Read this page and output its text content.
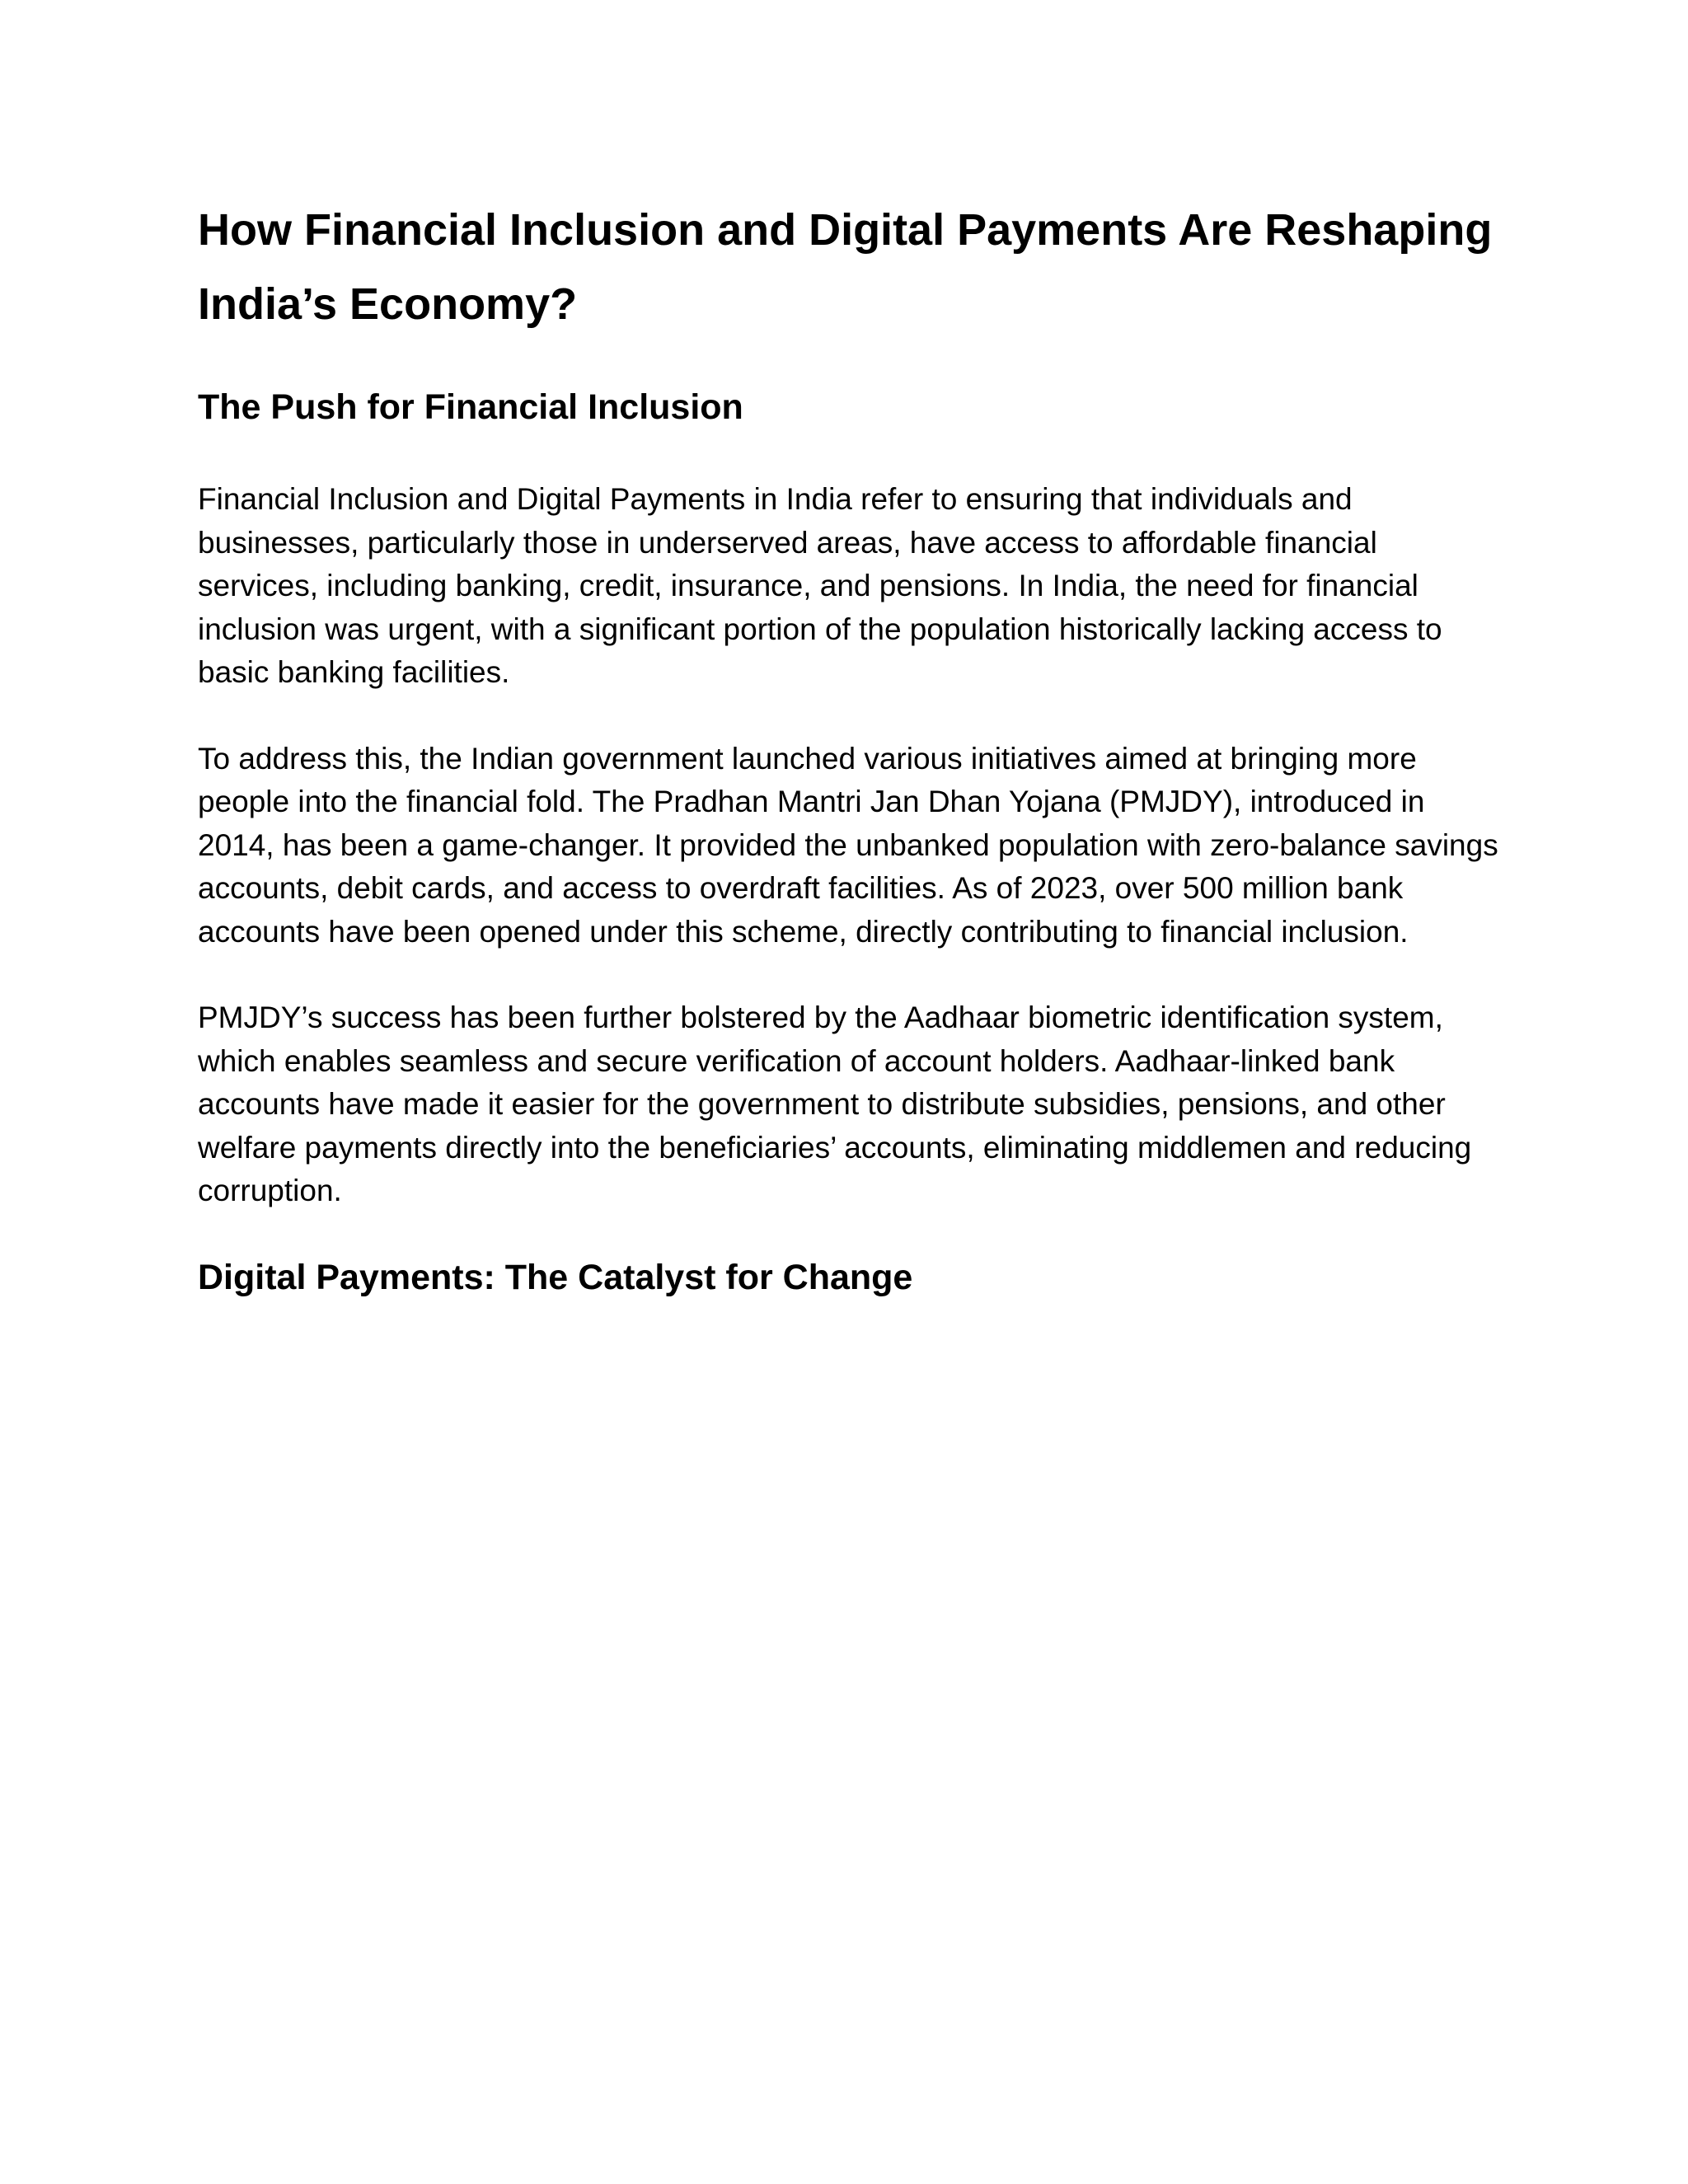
How Financial Inclusion and Digital Payments Are Reshaping India’s Economy?
The Push for Financial Inclusion

Financial Inclusion and Digital Payments in India refer to ensuring that individuals and businesses, particularly those in underserved areas, have access to affordable financial services, including banking, credit, insurance, and pensions. In India, the need for financial inclusion was urgent, with a significant portion of the population historically lacking access to basic banking facilities.

To address this, the Indian government launched various initiatives aimed at bringing more people into the financial fold. The Pradhan Mantri Jan Dhan Yojana (PMJDY), introduced in 2014, has been a game-changer. It provided the unbanked population with zero-balance savings accounts, debit cards, and access to overdraft facilities. As of 2023, over 500 million bank accounts have been opened under this scheme, directly contributing to financial inclusion.

PMJDY’s success has been further bolstered by the Aadhaar biometric identification system, which enables seamless and secure verification of account holders. Aadhaar-linked bank accounts have made it easier for the government to distribute subsidies, pensions, and other welfare payments directly into the beneficiaries’ accounts, eliminating middlemen and reducing corruption.

Digital Payments: The Catalyst for Change
